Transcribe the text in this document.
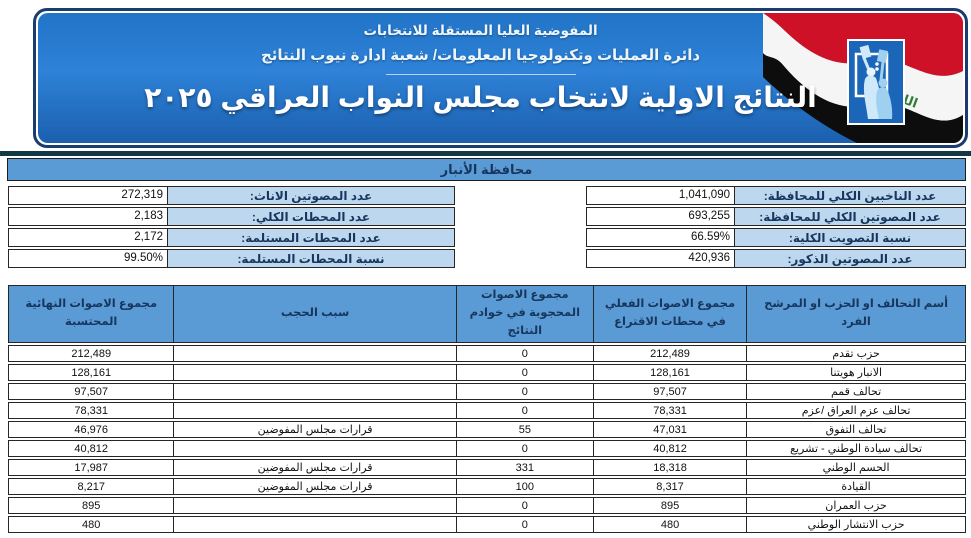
الله
المفوضية العليا المستقلة للانتخابات
دائرة العمليات وتكنولوجيا المعلومات/ شعبة ادارة نيوب النتائج
النتائج الاولية لانتخاب مجلس النواب العراقي ٢٠٢٥
محافظة الأنبار
عدد الناخبين الكلي للمحافظة:
1,041,090
عدد المصوتين الكلي للمحافظة:
693,255
نسبة التصويت الكلية:
66.59%
عدد المصوتين الذكور:
420,936
عدد المصوتين الاناث:
272,319
عدد المحطات الكلي:
2,183
عدد المحطات المستلمة:
2,172
نسبة المحطات المستلمة:
99.50%
أسم التحالف او الحزب او المرشح الفرد	مجموع الاصوات الفعلي في محطات الاقتراع	مجموع الاصوات المحجوبة في خوادم النتائج	سبب الحجب	مجموع الاصوات النهائية المحتسبة
حزب تقدم	212,489	0		212,489
الانبار هويتنا	128,161	0		128,161
تحالف قمم	97,507	0		97,507
تحالف عزم العراق /عزم	78,331	0		78,331
تحالف التفوق	47,031	55	قرارات مجلس المفوضين	46,976
تحالف سيادة الوطني - تشريع	40,812	0		40,812
الحسم الوطني	18,318	331	قرارات مجلس المفوضين	17,987
القيادة	8,317	100	قرارات مجلس المفوضين	8,217
حزب العمران	895	0		895
حزب الانتشار الوطني	480	0		480
